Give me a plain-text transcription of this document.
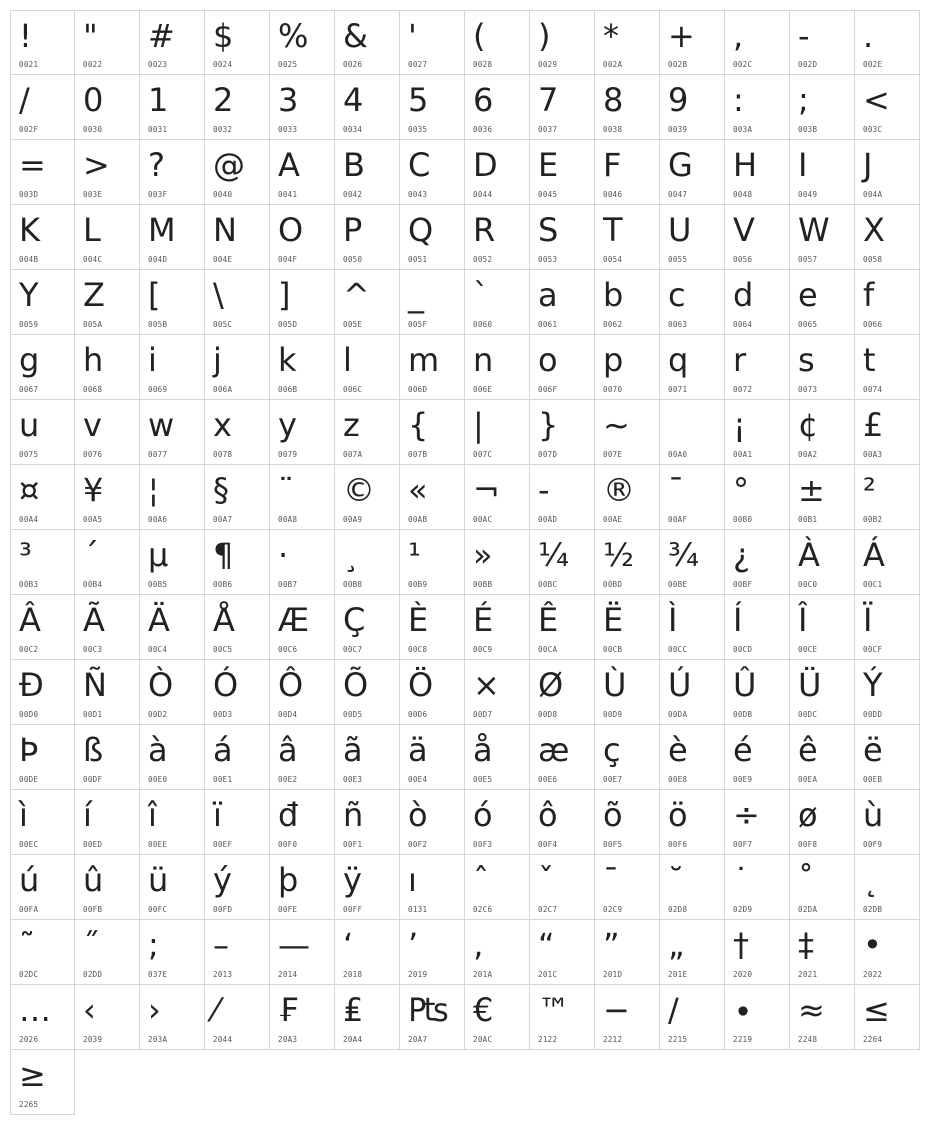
!
0021
"
0022
#
0023
$
0024
%
0025
&
0026
'
0027
(
0028
)
0029
*
002A
+
002B
,
002C
-
002D
.
002E
/
002F
0
0030
1
0031
2
0032
3
0033
4
0034
5
0035
6
0036
7
0037
8
0038
9
0039
:
003A
;
003B
<
003C
=
003D
>
003E
?
003F
@
0040
A
0041
B
0042
C
0043
D
0044
E
0045
F
0046
G
0047
H
0048
I
0049
J
004A
K
004B
L
004C
M
004D
N
004E
O
004F
P
0050
Q
0051
R
0052
S
0053
T
0054
U
0055
V
0056
W
0057
X
0058
Y
0059
Z
005A
[
005B
\
005C
]
005D
^
005E
_
005F
`
0060
a
0061
b
0062
c
0063
d
0064
e
0065
f
0066
g
0067
h
0068
i
0069
j
006A
k
006B
l
006C
m
006D
n
006E
o
006F
p
0070
q
0071
r
0072
s
0073
t
0074
u
0075
v
0076
w
0077
x
0078
y
0079
z
007A
{
007B
|
007C
}
007D
~
007E
	00A0
¡
00A1
¢
00A2
£
00A3
¤
00A4
¥
00A5
¦
00A6
§
00A7
¨
00A8
©
00A9
«
00AB
¬
00AC
-
00AD
®
00AE
¯
00AF
°
00B0
±
00B1
²
00B2
³
00B3
´
00B4
µ
00B5
¶
00B6
·
00B7
¸
00B8
¹
00B9
»
00BB
¼
00BC
½
00BD
¾
00BE
¿
00BF
À
00C0
Á
00C1
Â
00C2
Ã
00C3
Ä
00C4
Å
00C5
Æ
00C6
Ç
00C7
È
00C8
É
00C9
Ê
00CA
Ë
00CB
Ì
00CC
Í
00CD
Î
00CE
Ï
00CF
Đ
00D0
Ñ
00D1
Ò
00D2
Ó
00D3
Ô
00D4
Õ
00D5
Ö
00D6
×
00D7
Ø
00D8
Ù
00D9
Ú
00DA
Û
00DB
Ü
00DC
Ý
00DD
Þ
00DE
ß
00DF
à
00E0
á
00E1
â
00E2
ã
00E3
ä
00E4
å
00E5
æ
00E6
ç
00E7
è
00E8
é
00E9
ê
00EA
ë
00EB
ì
00EC
í
00ED
î
00EE
ï
00EF
đ
00F0
ñ
00F1
ò
00F2
ó
00F3
ô
00F4
õ
00F5
ö
00F6
÷
00F7
ø
00F8
ù
00F9
ú
00FA
û
00FB
ü
00FC
ý
00FD
þ
00FE
ÿ
00FF
ı
0131
ˆ
02C6
ˇ
02C7
ˉ
02C9
˘
02D8
˙
02D9
˚
02DA
˛
02DB
˜
02DC
˝
02DD
;
037E
–
2013
—
2014
‘
2018
’
2019
‚
201A
“
201C
”
201D
„
201E
†
2020
‡
2021
•
2022
…
2026
‹
2039
›
203A
⁄
2044
₣
20A3
₤
20A4
₧
20A7
€
20AC
™
2122
−
2212
∕
2215
∙
2219
≈
2248
≤
2264
≥
2265
